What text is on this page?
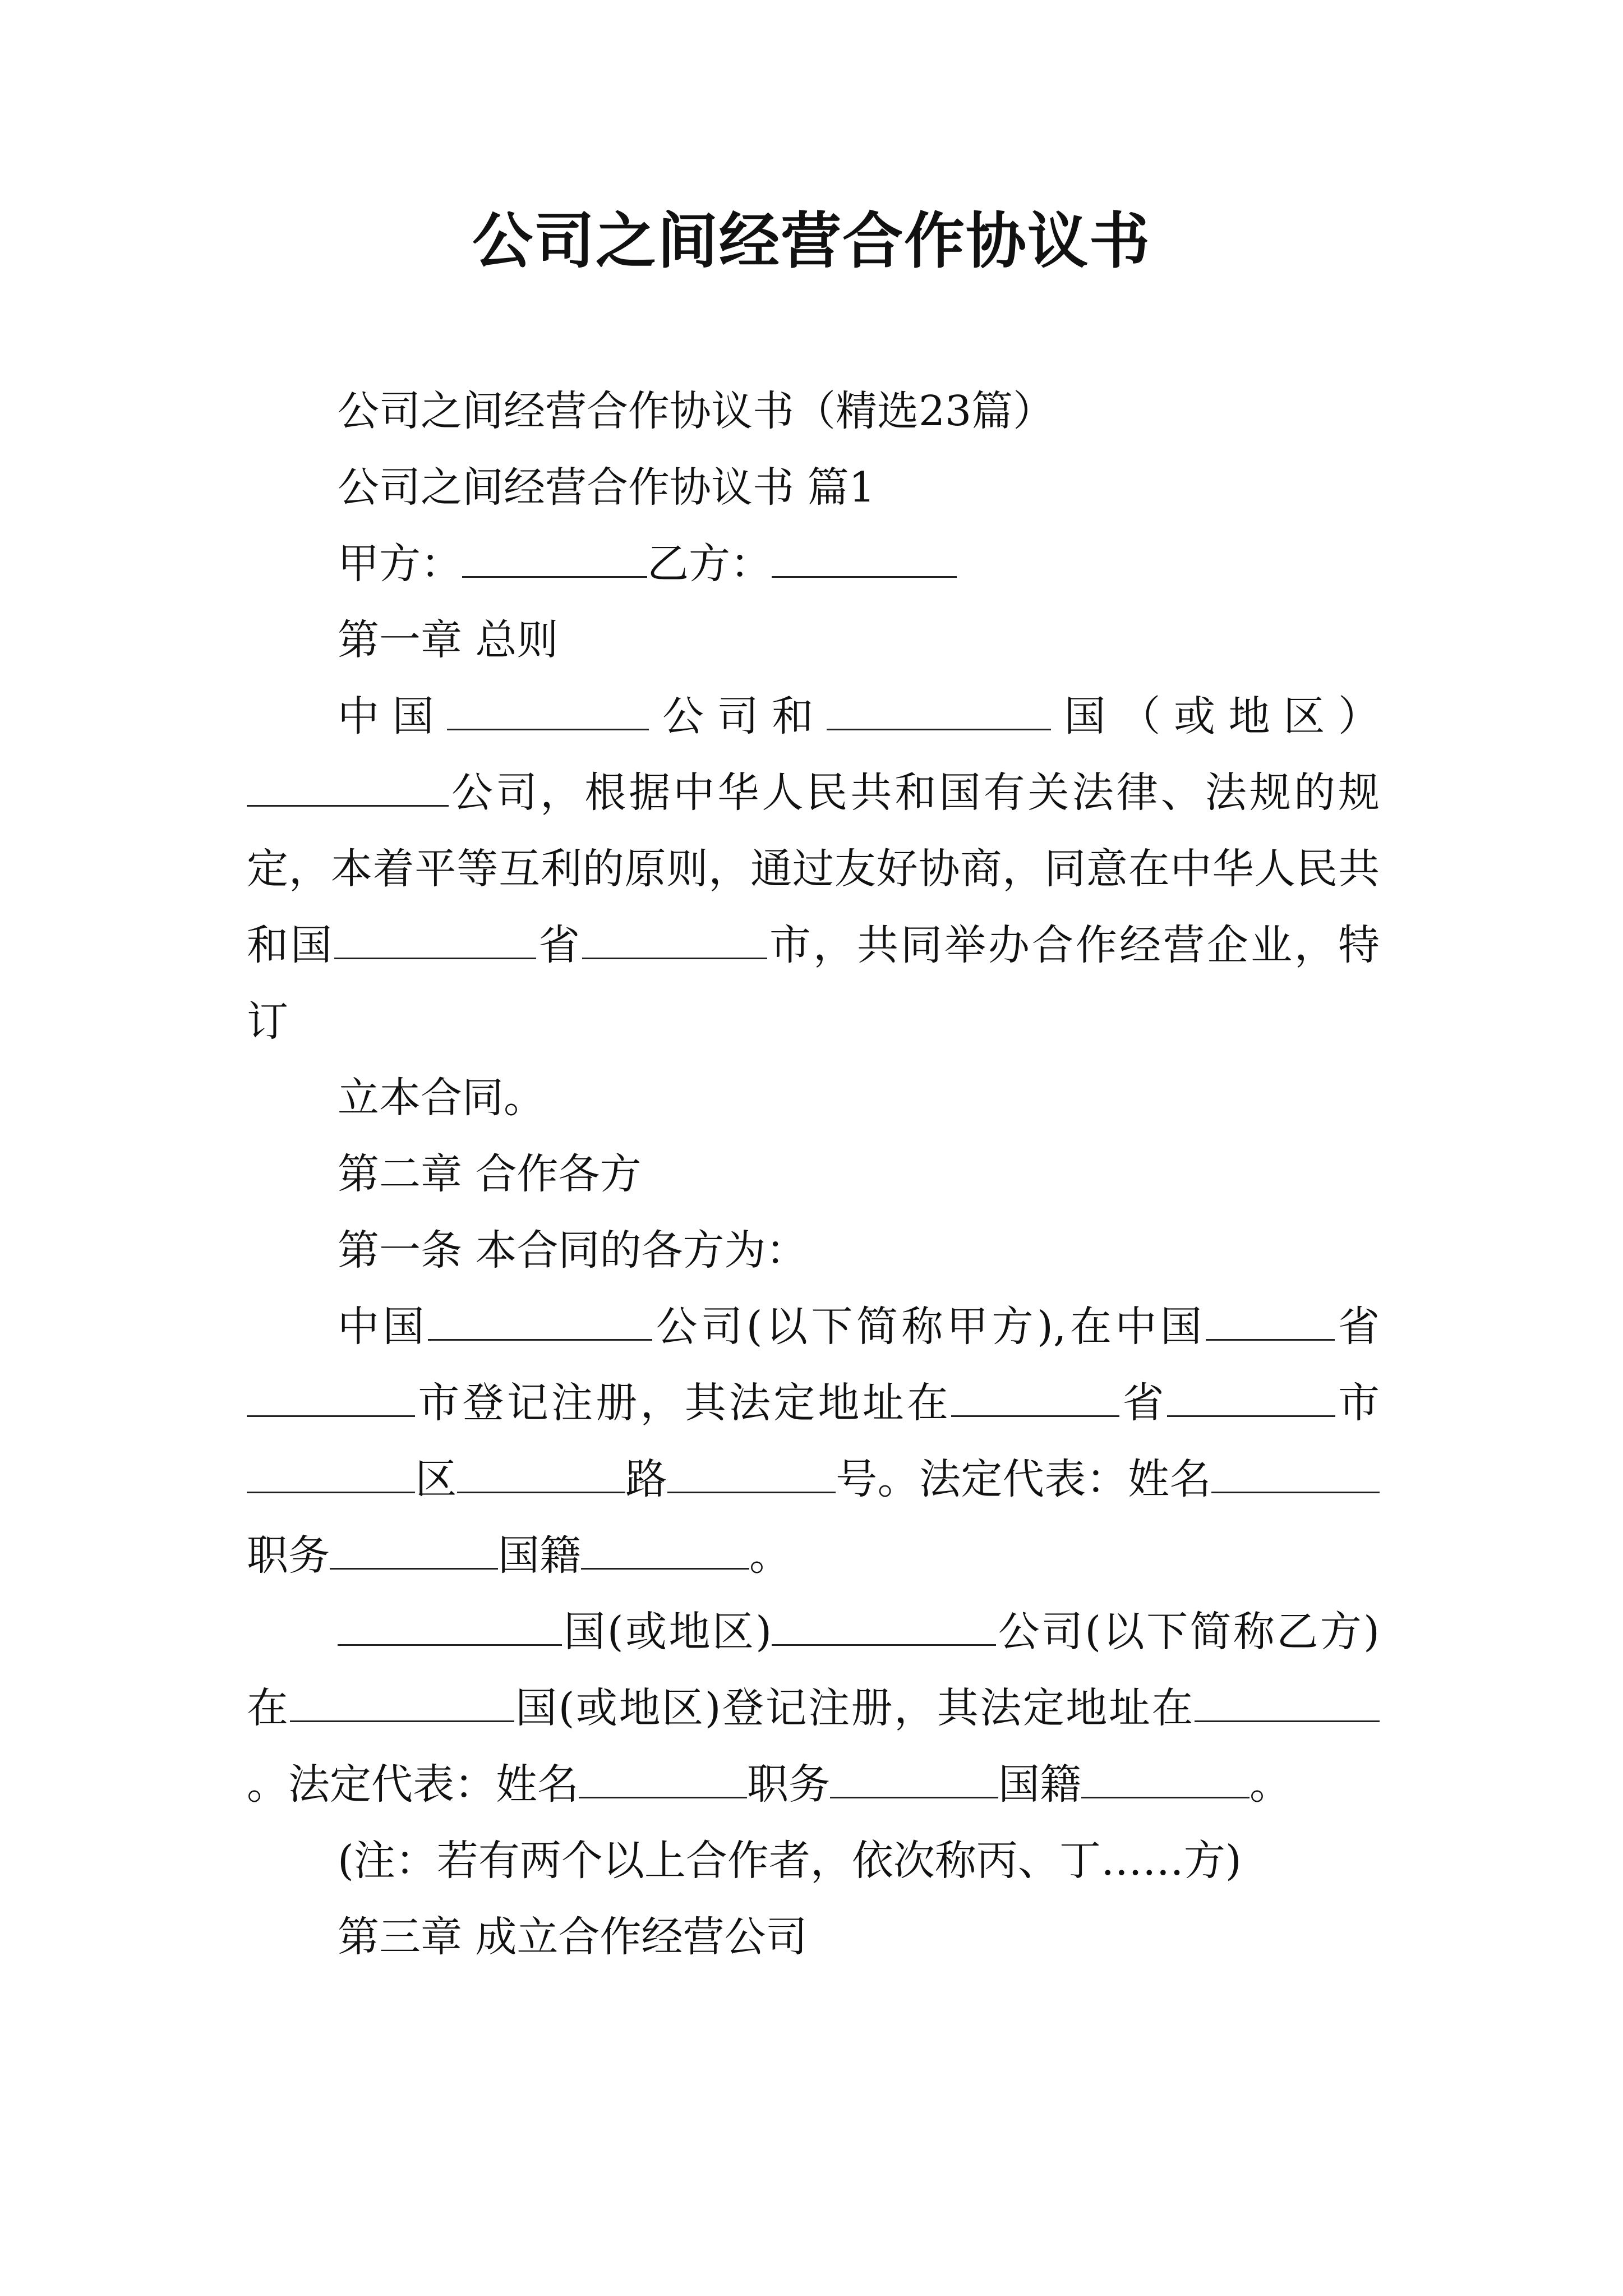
公司之间经营合作协议书

公司之间经营合作协议书（精选23篇）

公司之间经营合作协议书 篇1

甲方：	乙方：

第一章 总则

中国	公司和	国（或地区）公司，根据中华人民共和国有关法律、法规的规定，本着平等互利的原则，通过友好协商，同意在中华人民共和国	省	市，共同举办合作经营企业，特订

立本合同。

第二章 合作各方

第一条 本合同的各方为：

中国	公司(以下简称甲方),在中国	省市登记注册，其法定地址在	省	市区	路	号。法定代表：姓名职务	国籍	。

国(或地区)	公司(以下简称乙方)在	国(或地区)登记注册，其法定地址在。法定代表：姓名	职务	国籍	。

(注：若有两个以上合作者，依次称丙、丁……方)

第三章 成立合作经营公司
